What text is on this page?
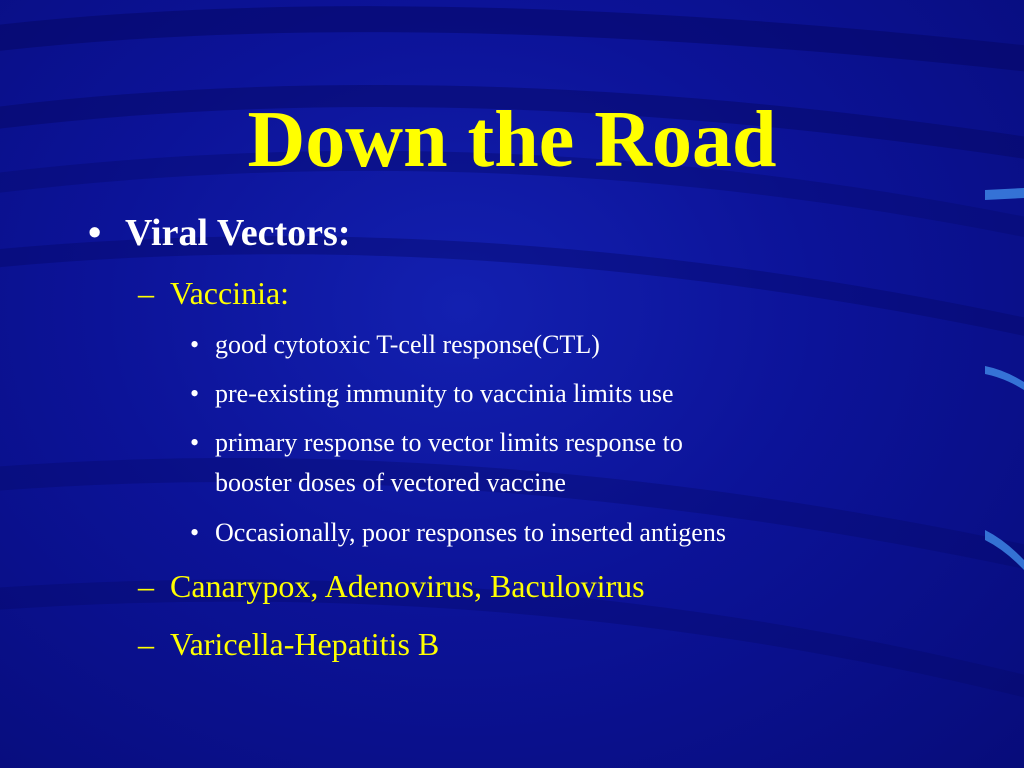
Down the Road
• Viral Vectors:
– Vaccinia:
• good cytotoxic T-cell response(CTL)
• pre-existing immunity to vaccinia limits use
• primary response to vector limits response to
booster doses of vectored vaccine
• Occasionally, poor responses to inserted antigens
– Canarypox, Adenovirus, Baculovirus
– Varicella-Hepatitis B
